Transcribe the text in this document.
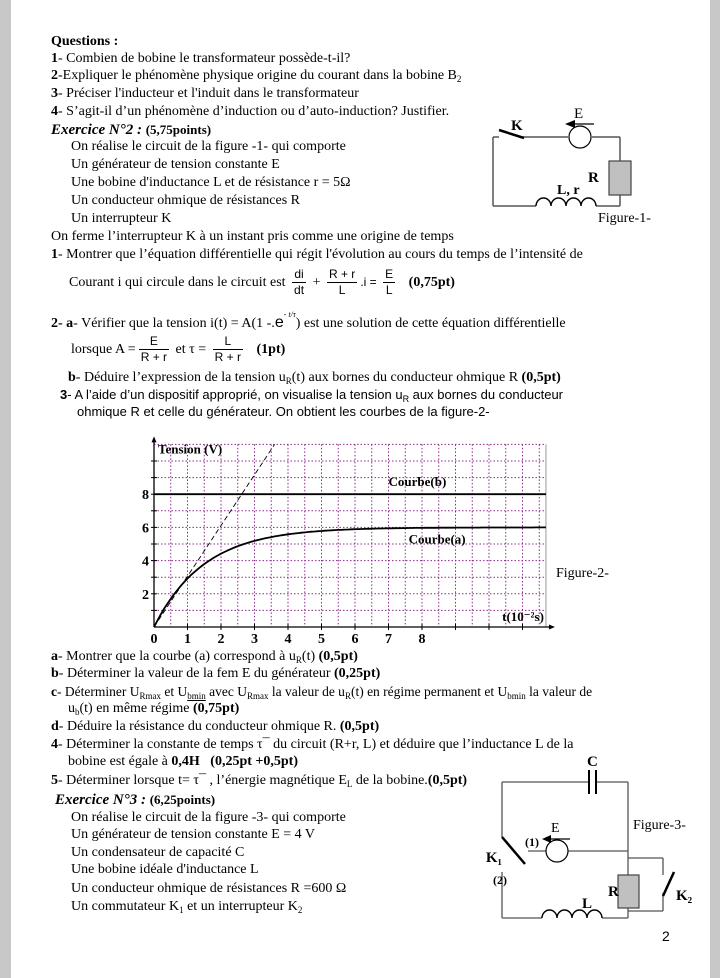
Questions :
1- Combien de bobine le transformateur possède-t-il?
2-Expliquer le phénomène physique origine du courant dans la bobine $B_2$
3- Préciser l'inducteur et l'induit dans le transformateur
4- S’agit-il d’un phénomène d’induction ou d’auto-induction? Justifier.
Exercice N°2 : (5,75points)
On réalise le circuit de la figure -1- qui comporte
Un générateur de tension constante E
Une bobine d'inductance L et de résistance r = 5Ω
Un conducteur ohmique de résistances R
Un interrupteur K
On ferme l’interrupteur K à un instant pris comme une origine de temps
1- Montrer que l’équation différentielle qui régit l'évolution au cours du temps de l’intensité de
Courant i qui circule dans le circuit est $\frac{di}{dt} + \frac{R + r}{L} .i = \frac{E}{L} (0,75pt)$
2- a- Vérifier que la tension i(t) = A(1 $-.e^{- t/\tau}$) est une solution de cette équation différentielle
lorsque $A = \frac{E}{R + r}$ et $\tau = \frac{L}{R + r} (1pt)$
b- Déduire l’expression de la tension $u_R(t)$ aux bornes du conducteur ohmique R (0,5pt)
3- A l’aide d’un dispositif approprié, on visualise la tension $u_R$ aux bornes du conducteur
ohmique R et celle du générateur. On obtient les courbes de la figure-2-
K
E
R
L, r
Figure-1-
0 1 2 3 4 5 6 7 8
2
4
6
8
Tension (V)
t(10⁻²s)
Courbe(b)
Courbe(a)
Figure-2-
a- Montrer que la courbe (a) correspond à $u_R(t)$ (0,5pt)
b- Déterminer la valeur de la fem E du générateur (0,25pt)
c- Déterminer $U_{Rmax}$ et $U_{bmin}$ avec $U_{Rmax}$ la valeur de $u_R(t)$ en régime permanent et $U_{bmin}$ la valeur de
$u_b(t)$ en même régime (0,75pt)
d- Déduire la résistance du conducteur ohmique R. (0,5pt)
4- Déterminer la constante de temps τ¯ du circuit (R+r, L) et déduire que l’inductance L de la
bobine est égale à 0,4H (0,25pt +0,5pt)
5- Déterminer lorsque t= τ¯ , l’énergie magnétique $E_L$ de la bobine.(0,5pt)
Exercice N°3 : (6,25points)
On réalise le circuit de la figure -3- qui comporte
Un générateur de tension constante E = 4 V
Un condensateur de capacité C
Une bobine idéale d'inductance L
Un conducteur ohmique de résistances R =600 Ω
Un commutateur $K_1$ et un interrupteur $K_2$
C
E
(1)
(2)
K₁
R	K₂
L
Figure-3-
2
